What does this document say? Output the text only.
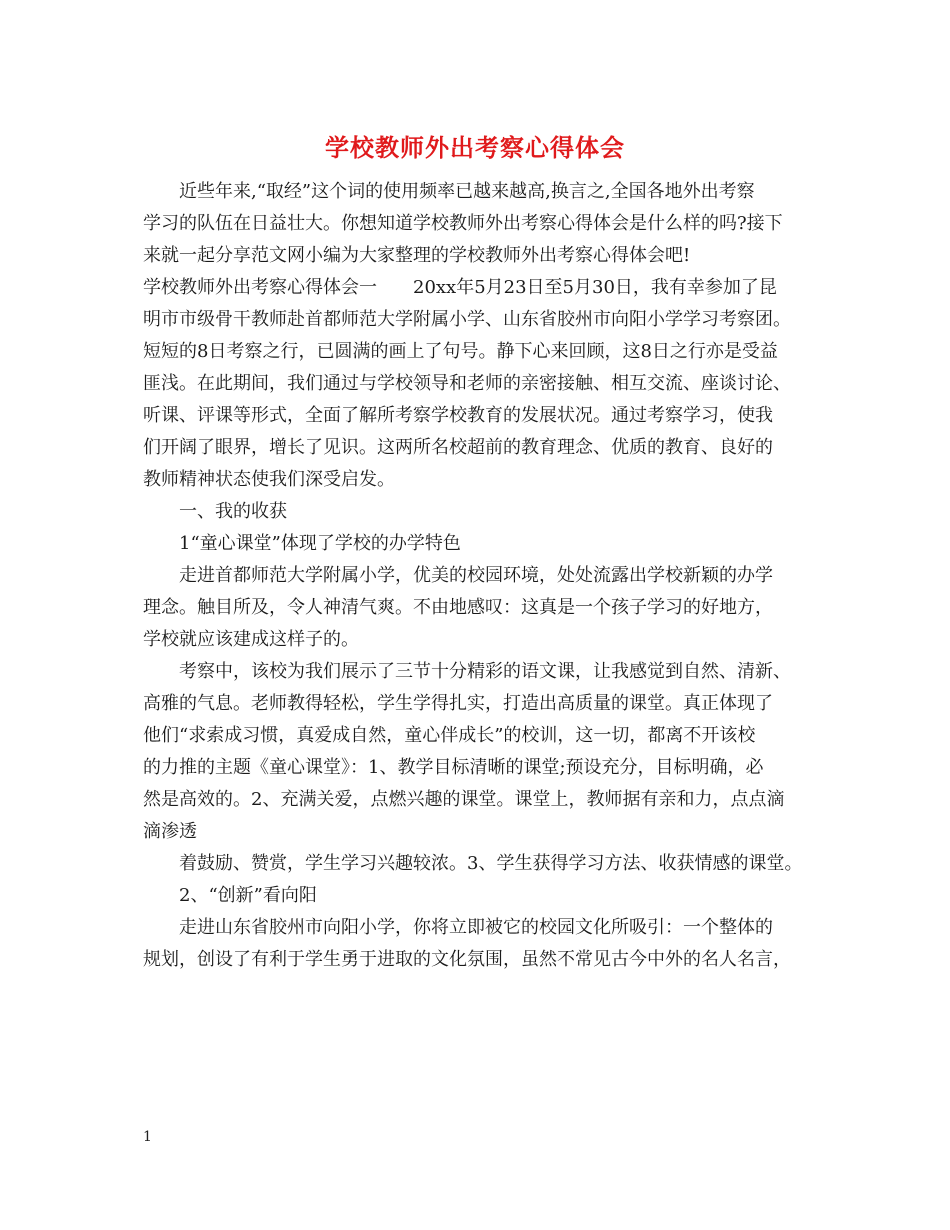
学校教师外出考察心得体会

近些年来,“取经”这个词的使用频率已越来越高,换言之,全国各地外出考察

学习的队伍在日益壮大。你想知道学校教师外出考察心得体会是什么样的吗?接下

来就一起分享范文网小编为大家整理的学校教师外出考察心得体会吧!

学校教师外出考察心得体会一　　20xx年5月23日至5月30日，我有幸参加了昆

明市市级骨干教师赴首都师范大学附属小学、山东省胶州市向阳小学学习考察团。

短短的8日考察之行，已圆满的画上了句号。静下心来回顾，这8日之行亦是受益

匪浅。在此期间，我们通过与学校领导和老师的亲密接触、相互交流、座谈讨论、

听课、评课等形式，全面了解所考察学校教育的发展状况。通过考察学习，使我

们开阔了眼界，增长了见识。这两所名校超前的教育理念、优质的教育、良好的

教师精神状态使我们深受启发。

一、我的收获

1“童心课堂”体现了学校的办学特色

走进首都师范大学附属小学，优美的校园环境，处处流露出学校新颖的办学

理念。触目所及，令人神清气爽。不由地感叹：这真是一个孩子学习的好地方，

学校就应该建成这样子的。

考察中，该校为我们展示了三节十分精彩的语文课，让我感觉到自然、清新、

高雅的气息。老师教得轻松，学生学得扎实，打造出高质量的课堂。真正体现了

他们“求索成习惯，真爱成自然，童心伴成长”的校训，这一切，都离不开该校

的力推的主题《童心课堂》：1、教学目标清晰的课堂;预设充分，目标明确，必

然是高效的。2、充满关爱，点燃兴趣的课堂。课堂上，教师据有亲和力，点点滴

滴渗透

着鼓励、赞赏，学生学习兴趣较浓。3、学生获得学习方法、收获情感的课堂。

2、“创新”看向阳

走进山东省胶州市向阳小学，你将立即被它的校园文化所吸引：一个整体的

规划，创设了有利于学生勇于进取的文化氛围，虽然不常见古今中外的名人名言，

1
